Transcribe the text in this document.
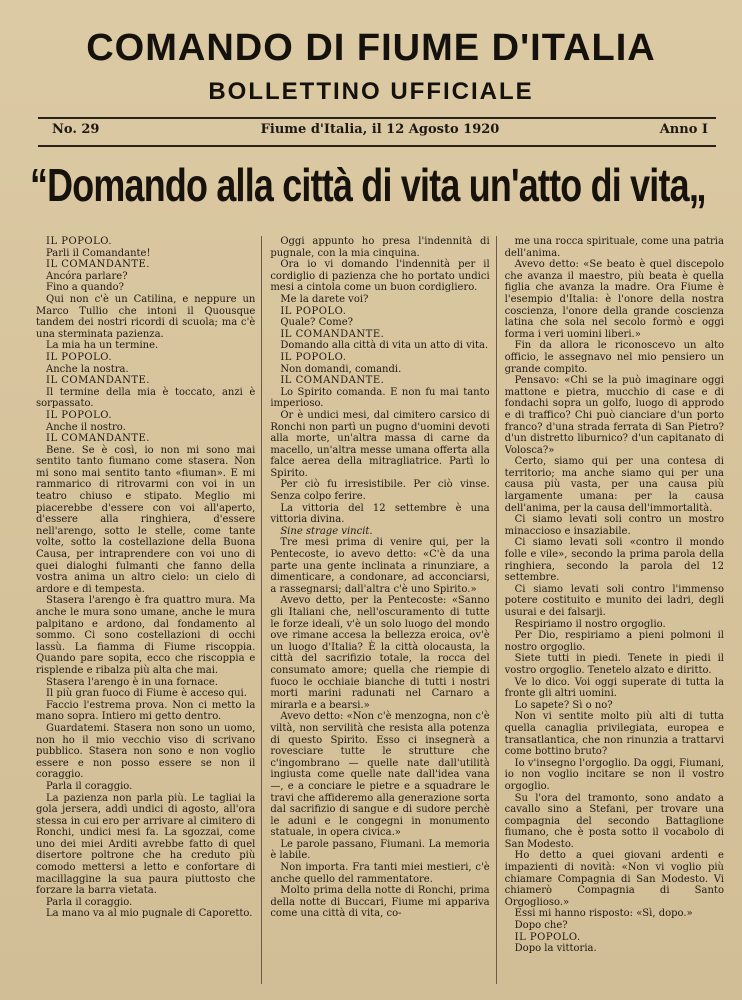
COMANDO DI FIUME D'ITALIA
BOLLETTINO UFFICIALE
No. 29	Fiume d'Italia, il 12 Agosto 1920	Anno I
“Domando alla città di vita un'atto di vita„

IL POPOLO.

Parli il Comandante!

IL COMANDANTE.

Ancóra parlare?

Fino a quando?

Qui non c'è un Catilina, e neppure un Marco Tullio che intoni il Quousque tandem dei nostri ricordi di scuola; ma c'è una sterminata pazienza.

La mia ha un termine.

IL POPOLO.

Anche la nostra.

IL COMANDANTE.

Il termine della mia è toccato, anzi è sorpassato.

IL POPOLO.

Anche il nostro.

IL COMANDANTE.

Bene. Se è così, io non mi sono mai sentito tanto fiumano come stasera. Non mi sono mai sentito tanto «fiuman». E mi rammarico di ritrovarmi con voi in un teatro chiuso e stipato. Meglio mi piacerebbe d'essere con voi all'aperto, d'essere alla ringhiera, d'essere nell'arengo, sotto le stelle, come tante volte, sotto la costellazione della Buona Causa, per intraprendere con voi uno di quei dialoghi fulmanti che fanno della vostra anima un altro cielo: un cielo di ardore e di tempesta.

Stasera l'arengo è fra quattro mura. Ma anche le mura sono umane, anche le mura palpitano e ardono, dal fondamento al sommo. Ci sono costellazioni di occhi lassù. La fiamma di Fiume riscoppia. Quando pare sopita, ecco che riscoppia e risplende e ribalza più alta che mai.

Stasera l'arengo è in una fornace.

Il più gran fuoco di Fiume è acceso qui.

Faccio l'estrema prova. Non ci metto la mano sopra. Intiero mi getto dentro.

Guardatemi. Stasera non sono un uomo, non ho il mio vecchio viso di scrivano pubblico. Stasera non sono e non voglio essere e non posso essere se non il coraggio.

Parla il coraggio.

La pazienza non parla più. Le tagliai la gola jersera, addì undici di agosto, all'ora stessa in cui ero per arrivare al cimitero di Ronchi, undici mesi fa. La sgozzai, come uno dei miei Arditi avrebbe fatto di quel disertore poltrone che ha creduto più comodo mettersi a letto e confortare di macillaggine la sua paura piuttosto che forzare la barra vietata.

Parla il coraggio.

La mano va al mio pugnale di Caporetto.

Oggi appunto ho presa l'indennità di pugnale, con la mia cinquina.

Ora io vi domando l'indennità per il cordiglio di pazienza che ho portato undici mesi a cintola come un buon cordigliero.

Me la darete voi?

IL POPOLO.

Quale? Come?

IL COMANDANTE.

Domando alla città di vita un atto di vita.

IL POPOLO.

Non domandi, comandi.

IL COMANDANTE.

Lo Spirito comanda. E non fu mai tanto imperioso.

Or è undici mesi, dal cimitero carsico di Ronchi non partì un pugno d'uomini devoti alla morte, un'altra massa di carne da macello, un'altra messe umana offerta alla falce aerea della mitragliatrice. Partì lo Spirito.

Per ciò fu irresistibile. Per ciò vinse. Senza colpo ferire.

La vittoria del 12 settembre è una vittoria divina.

Sine strage vincit.

Tre mesi prima di venire qui, per la Pentecoste, io avevo detto: «C'è da una parte una gente inclinata a rinunziare, a dimenticare, a condonare, ad acconciarsi, a rassegnarsi; dall'altra c'è uno Spirito.»

Avevo detto, per la Pentecoste: «Sanno gli Italiani che, nell'oscuramento di tutte le forze ideali, v'è un solo luogo del mondo ove rimane accesa la bellezza eroica, ov'è un luogo d'Italia? È la città olocausta, la città del sacrifizio totale, la rocca del consumato amore; quella che riempie di fuoco le occhiaie bianche di tutti i nostri morti marini radunati nel Carnaro a mirarla e a bearsi.»

Avevo detto: «Non c'è menzogna, non c'è viltà, non servilità che resista alla potenza di questo Spirito. Esso ci insegnerà a rovesciare tutte le strutture che c'ingombrano — quelle nate dall'utilità ingiusta come quelle nate dall'idea vana —, e a conciare le pietre e a squadrare le travi che affideremo alla generazione sorta dal sacrifizio di sangue e di sudore perchè le aduni e le congegni in monumento statuale, in opera civica.»

Le parole passano, Fiumani. La memoria è labile.

Non importa. Fra tanti miei mestieri, c'è anche quello del rammentatore.

Molto prima della notte di Ronchi, prima della notte di Buccari, Fiume mi appariva come una città di vita, co-

me una rocca spirituale, come una patria dell'anima.

Avevo detto: «Se beato è quel discepolo che avanza il maestro, più beata è quella figlia che avanza la madre. Ora Fiume è l'esempio d'Italia: è l'onore della nostra coscienza, l'onore della grande coscienza latina che sola nel secolo formò e oggi forma i veri uomini liberi.»

Fin da allora le riconoscevo un alto officio, le assegnavo nel mio pensiero un grande compito.

Pensavo: «Chi se la può imaginare oggi mattone e pietra, mucchio di case e di fondachi sopra un golfo, luogo di approdo e di traffico? Chi può cianciare d'un porto franco? d'una strada ferrata di San Pietro? d'un distretto liburnico? d'un capitanato di Volosca?»

Certo, siamo qui per una contesa di territorio; ma anche siamo qui per una causa più vasta, per una causa più largamente umana: per la causa dell'anima, per la causa dell'immortalità.

Ci siamo levati soli contro un mostro minaccioso e insaziabile.

Ci siamo levati soli «contro il mondo folle e vile», secondo la prima parola della ringhiera, secondo la parola del 12 settembre.

Ci siamo levati soli contro l'immenso potere costituito e munito dei ladri, degli usurai e dei falsarji.

Respiriamo il nostro orgoglio.

Per Dio, respiriamo a pieni polmoni il nostro orgoglio.

Siete tutti in piedi. Tenete in piedi il vostro orgoglio. Tenetelo alzato e diritto.

Ve lo dico. Voi oggi superate di tutta la fronte gli altri uomini.

Lo sapete? Sì o no?

Non vi sentite molto più alti di tutta quella canaglia privilegiata, europea e transatlantica, che non rinunzia a trattarvi come bottino bruto?

Io v'insegno l'orgoglio. Da oggi, Fiumani, io non voglio incitare se non il vostro orgoglio.

Su l'ora del tramonto, sono andato a cavallo sino a Stefani, per trovare una compagnia del secondo Battaglione fiumano, che è posta sotto il vocabolo di San Modesto.

Ho detto a quei giovani ardenti e impazienti di novità: «Non vi voglio più chiamare Compagnia di San Modesto. Vi chiamerò Compagnia di Santo Orgoglioso.»

Essi mi hanno risposto: «Sì, dopo.»

Dopo che?

IL POPOLO.

Dopo la vittoria.
